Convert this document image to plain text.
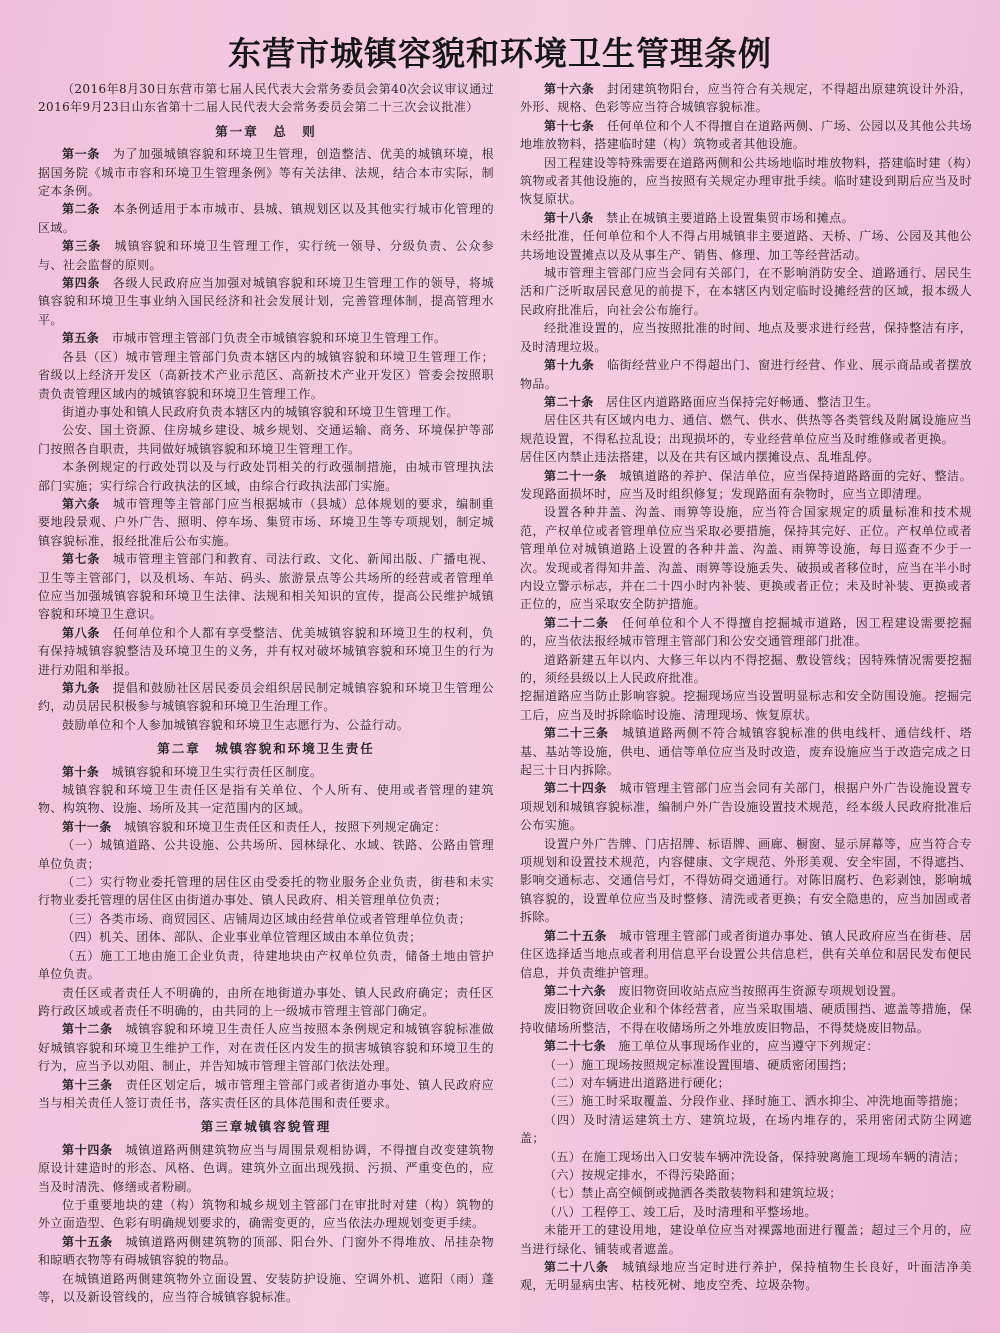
东营市城镇容貌和环境卫生管理条例

（2016年8月30日东营市第七届人民代表大会常务委员会第40次会议审议通过　2016年9月23日山东省第十二届人民代表大会常务委员会第二十三次会议批准）

第一章　总　则

第一条　 为了加强城镇容貌和环境卫生管理，创造整洁、优美的城镇环境，根据国务院《城市市容和环境卫生管理条例》等有关法律、法规，结合本市实际，制定本条例。

第二条　 本条例适用于本市城市、县城、镇规划区以及其他实行城市化管理的区域。

第三条　 城镇容貌和环境卫生管理工作，实行统一领导、分级负责、公众参与、社会监督的原则。

第四条　 各级人民政府应当加强对城镇容貌和环境卫生管理工作的领导，将城镇容貌和环境卫生事业纳入国民经济和社会发展计划，完善管理体制，提高管理水平。

第五条　 市城市管理主管部门负责全市城镇容貌和环境卫生管理工作。

各县（区）城市管理主管部门负责本辖区内的城镇容貌和环境卫生管理工作；省级以上经济开发区（高新技术产业示范区、高新技术产业开发区）管委会按照职责负责管理区域内的城镇容貌和环境卫生管理工作。

街道办事处和镇人民政府负责本辖区内的城镇容貌和环境卫生管理工作。

公安、国土资源、住房城乡建设、城乡规划、交通运输、商务、环境保护等部门按照各自职责，共同做好城镇容貌和环境卫生管理工作。

本条例规定的行政处罚以及与行政处罚相关的行政强制措施，由城市管理执法部门实施；实行综合行政执法的区域，由综合行政执法部门实施。

第六条　 城市管理等主管部门应当根据城市（县城）总体规划的要求，编制重要地段景观、户外广告、照明、停车场、集贸市场、环境卫生等专项规划，制定城镇容貌标准，报经批准后公布实施。

第七条　 城市管理主管部门和教育、司法行政、文化、新闻出版、广播电视、卫生等主管部门，以及机场、车站、码头、旅游景点等公共场所的经营或者管理单位应当加强城镇容貌和环境卫生法律、法规和相关知识的宣传，提高公民维护城镇容貌和环境卫生意识。

第八条　 任何单位和个人都有享受整洁、优美城镇容貌和环境卫生的权利，负有保持城镇容貌整洁及环境卫生的义务，并有权对破坏城镇容貌和环境卫生的行为进行劝阻和举报。

第九条　 提倡和鼓励社区居民委员会组织居民制定城镇容貌和环境卫生管理公约，动员居民积极参与城镇容貌和环境卫生治理工作。

鼓励单位和个人参加城镇容貌和环境卫生志愿行为、公益行动。

第二章　城镇容貌和环境卫生责任

第十条　 城镇容貌和环境卫生实行责任区制度。

城镇容貌和环境卫生责任区是指有关单位、个人所有、使用或者管理的建筑物、构筑物、设施、场所及其一定范围内的区域。

第十一条　 城镇容貌和环境卫生责任区和责任人，按照下列规定确定：

（一）城镇道路、公共设施、公共场所、园林绿化、水域、铁路、公路由管理单位负责；

（二）实行物业委托管理的居住区由受委托的物业服务企业负责，街巷和未实行物业委托管理的居住区由街道办事处、镇人民政府、相关管理单位负责；

（三）各类市场、商贸园区、店铺周边区域由经营单位或者管理单位负责；

（四）机关、团体、部队、企业事业单位管理区域由本单位负责；

（五）施工工地由施工企业负责，待建地块由产权单位负责，储备土地由管护单位负责。

责任区或者责任人不明确的，由所在地街道办事处、镇人民政府确定；责任区跨行政区域或者责任不明确的，由共同的上一级城市管理主管部门确定。

第十二条　 城镇容貌和环境卫生责任人应当按照本条例规定和城镇容貌标准做好城镇容貌和环境卫生维护工作，对在责任区内发生的损害城镇容貌和环境卫生的行为，应当予以劝阻、制止，并告知城市管理主管部门依法处理。

第十三条　 责任区划定后，城市管理主管部门或者街道办事处、镇人民政府应当与相关责任人签订责任书，落实责任区的具体范围和责任要求。

第三章城镇容貌管理

第十四条　 城镇道路两侧建筑物应当与周围景观相协调，不得擅自改变建筑物原设计建造时的形态、风格、色调。建筑外立面出现残损、污损、严重变色的，应当及时清洗、修缮或者粉刷。

位于重要地块的建（构）筑物和城乡规划主管部门在审批时对建（构）筑物的外立面造型、色彩有明确规划要求的，确需变更的，应当依法办理规划变更手续。

第十五条　 城镇道路两侧建筑物的顶部、阳台外、门窗外不得堆放、吊挂杂物和晾晒衣物等有碍城镇容貌的物品。

在城镇道路两侧建筑物外立面设置、安装防护设施、空调外机、遮阳（雨）蓬等，以及新设管线的，应当符合城镇容貌标准。

第十六条　 封闭建筑物阳台，应当符合有关规定，不得超出原建筑设计外沿，外形、规格、色彩等应当符合城镇容貌标准。

第十七条　 任何单位和个人不得擅自在道路两侧、广场、公园以及其他公共场地堆放物料，搭建临时建（构）筑物或者其他设施。

因工程建设等特殊需要在道路两侧和公共场地临时堆放物料，搭建临时建（构）筑物或者其他设施的，应当按照有关规定办理审批手续。临时建设到期后应当及时恢复原状。

第十八条　 禁止在城镇主要道路上设置集贸市场和摊点。

未经批准，任何单位和个人不得占用城镇非主要道路、天桥、广场、公园及其他公共场地设置摊点以及从事生产、销售、修理、加工等经营活动。

城市管理主管部门应当会同有关部门，在不影响消防安全、道路通行、居民生活和广泛听取居民意见的前提下，在本辖区内划定临时设摊经营的区域，报本级人民政府批准后，向社会公布施行。

经批准设置的，应当按照批准的时间、地点及要求进行经营，保持整洁有序，及时清理垃圾。

第十九条　 临街经营业户不得超出门、窗进行经营、作业、展示商品或者摆放物品。

第二十条　 居住区内道路路面应当保持完好畅通、整洁卫生。

居住区共有区域内电力、通信、燃气、供水、供热等各类管线及附属设施应当规范设置，不得私拉乱设；出现损坏的，专业经营单位应当及时维修或者更换。

居住区内禁止违法搭建，以及在共有区域内摆摊设点、乱堆乱停。

第二十一条　 城镇道路的养护、保洁单位，应当保持道路路面的完好、整洁。发现路面损坏时，应当及时组织修复；发现路面有杂物时，应当立即清理。

设置各种井盖、沟盖、雨箅等设施，应当符合国家规定的质量标准和技术规范，产权单位或者管理单位应当采取必要措施，保持其完好、正位。产权单位或者管理单位对城镇道路上设置的各种井盖、沟盖、雨箅等设施，每日巡查不少于一次。发现或者得知井盖、沟盖、雨箅等设施丢失、破损或者移位时，应当在半小时内设立警示标志，并在二十四小时内补装、更换或者正位；未及时补装、更换或者正位的，应当采取安全防护措施。

第二十二条　 任何单位和个人不得擅自挖掘城市道路，因工程建设需要挖掘的，应当依法报经城市管理主管部门和公安交通管理部门批准。

道路新建五年以内、大修三年以内不得挖掘、敷设管线；因特殊情况需要挖掘的，须经县级以上人民政府批准。

挖掘道路应当防止影响容貌。挖掘现场应当设置明显标志和安全防围设施。挖掘完工后，应当及时拆除临时设施、清理现场、恢复原状。

第二十三条　 城镇道路两侧不符合城镇容貌标准的供电线杆、通信线杆、塔基、基站等设施，供电、通信等单位应当及时改造，废弃设施应当于改造完成之日起三十日内拆除。

第二十四条　 城市管理主管部门应当会同有关部门，根据户外广告设施设置专项规划和城镇容貌标准，编制户外广告设施设置技术规范，经本级人民政府批准后公布实施。

设置户外广告牌、门店招牌、标语牌、画廊、橱窗、显示屏幕等，应当符合专项规划和设置技术规范，内容健康、文字规范、外形美观、安全牢固，不得遮挡、影响交通标志、交通信号灯，不得妨碍交通通行。对陈旧腐朽、色彩剥蚀，影响城镇容貌的，设置单位应当及时整修、清洗或者更换；有安全隐患的，应当加固或者拆除。

第二十五条　 城市管理主管部门或者街道办事处、镇人民政府应当在街巷、居住区选择适当地点或者利用信息平台设置公共信息栏，供有关单位和居民发布便民信息，并负责维护管理。

第二十六条　 废旧物资回收站点应当按照再生资源专项规划设置。

废旧物资回收企业和个体经营者，应当采取围墙、硬质围挡、遮盖等措施，保持收储场所整洁，不得在收储场所之外堆放废旧物品，不得焚烧废旧物品。

第二十七条　 施工单位从事现场作业的，应当遵守下列规定：

（一）施工现场按照规定标准设置围墙、硬质密闭围挡；

（二）对车辆进出道路进行硬化；

（三）施工时采取覆盖、分段作业、择时施工、洒水抑尘、冲洗地面等措施；

（四）及时清运建筑土方、建筑垃圾，在场内堆存的，采用密闭式防尘网遮盖；

（五）在施工现场出入口安装车辆冲洗设备，保持驶离施工现场车辆的清洁；

（六）按规定排水，不得污染路面；

（七）禁止高空倾倒或抛洒各类散装物料和建筑垃圾；

（八）工程停工、竣工后，及时清理和平整场地。

未能开工的建设用地，建设单位应当对裸露地面进行覆盖；超过三个月的，应当进行绿化、铺装或者遮盖。

第二十八条　 城镇绿地应当定时进行养护，保持植物生长良好，叶面洁净美观，无明显病虫害、枯枝死树、地皮空秃、垃圾杂物。
